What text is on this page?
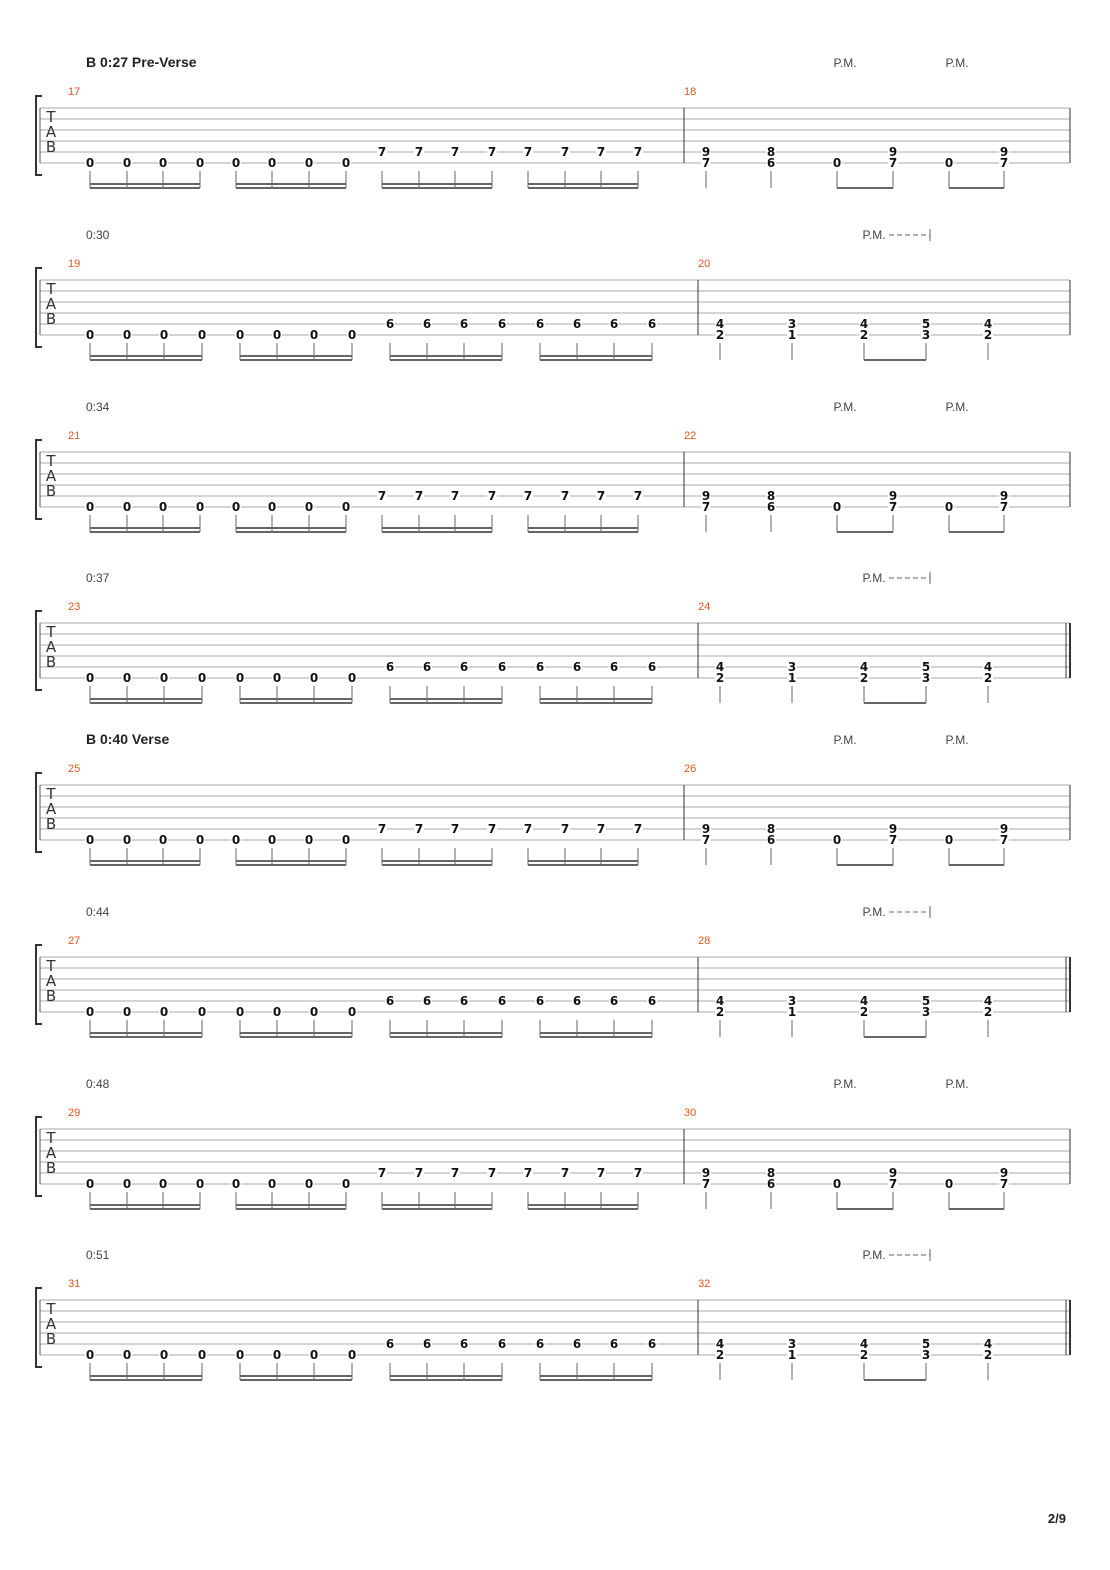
T
A
B
B 0:27 Pre-Verse
17	18
0 0 0 0 0 0 0 0
7 7 7 7 7 7 7 7	9
7
8
6	0
9
7	0
9
7
P.M.	P.M.
T
A
B
0:30
19	20
0 0 0 0 0 0 0 0
6 6 6 6 6 6 6 6	4
2
3
1
4
2
5
3
4
2
P.M.
T
A
B
0:34
21	22
0 0 0 0 0 0 0 0
7 7 7 7 7 7 7 7	9
7
8
6	0
9
7	0
9
7
P.M.	P.M.
T
A
B
0:37
23	24
0 0 0 0 0 0 0 0
6 6 6 6 6 6 6 6	4
2
3
1
4
2
5
3
4
2
P.M.
T
A
B
B 0:40 Verse
25	26
0 0 0 0 0 0 0 0
7 7 7 7 7 7 7 7	9
7
8
6	0
9
7	0
9
7
P.M.	P.M.
T
A
B
0:44
27	28
0 0 0 0 0 0 0 0
6 6 6 6 6 6 6 6	4
2
3
1
4
2
5
3
4
2
P.M.
T
A
B
0:48
29	30
0 0 0 0 0 0 0 0
7 7 7 7 7 7 7 7	9
7
8
6	0
9
7	0
9
7
P.M.	P.M.
T
A
B
0:51
31	32
0 0 0 0 0 0 0 0
6 6 6 6 6 6 6 6	4
2
3
1
4
2
5
3
4
2
P.M.
2/9
